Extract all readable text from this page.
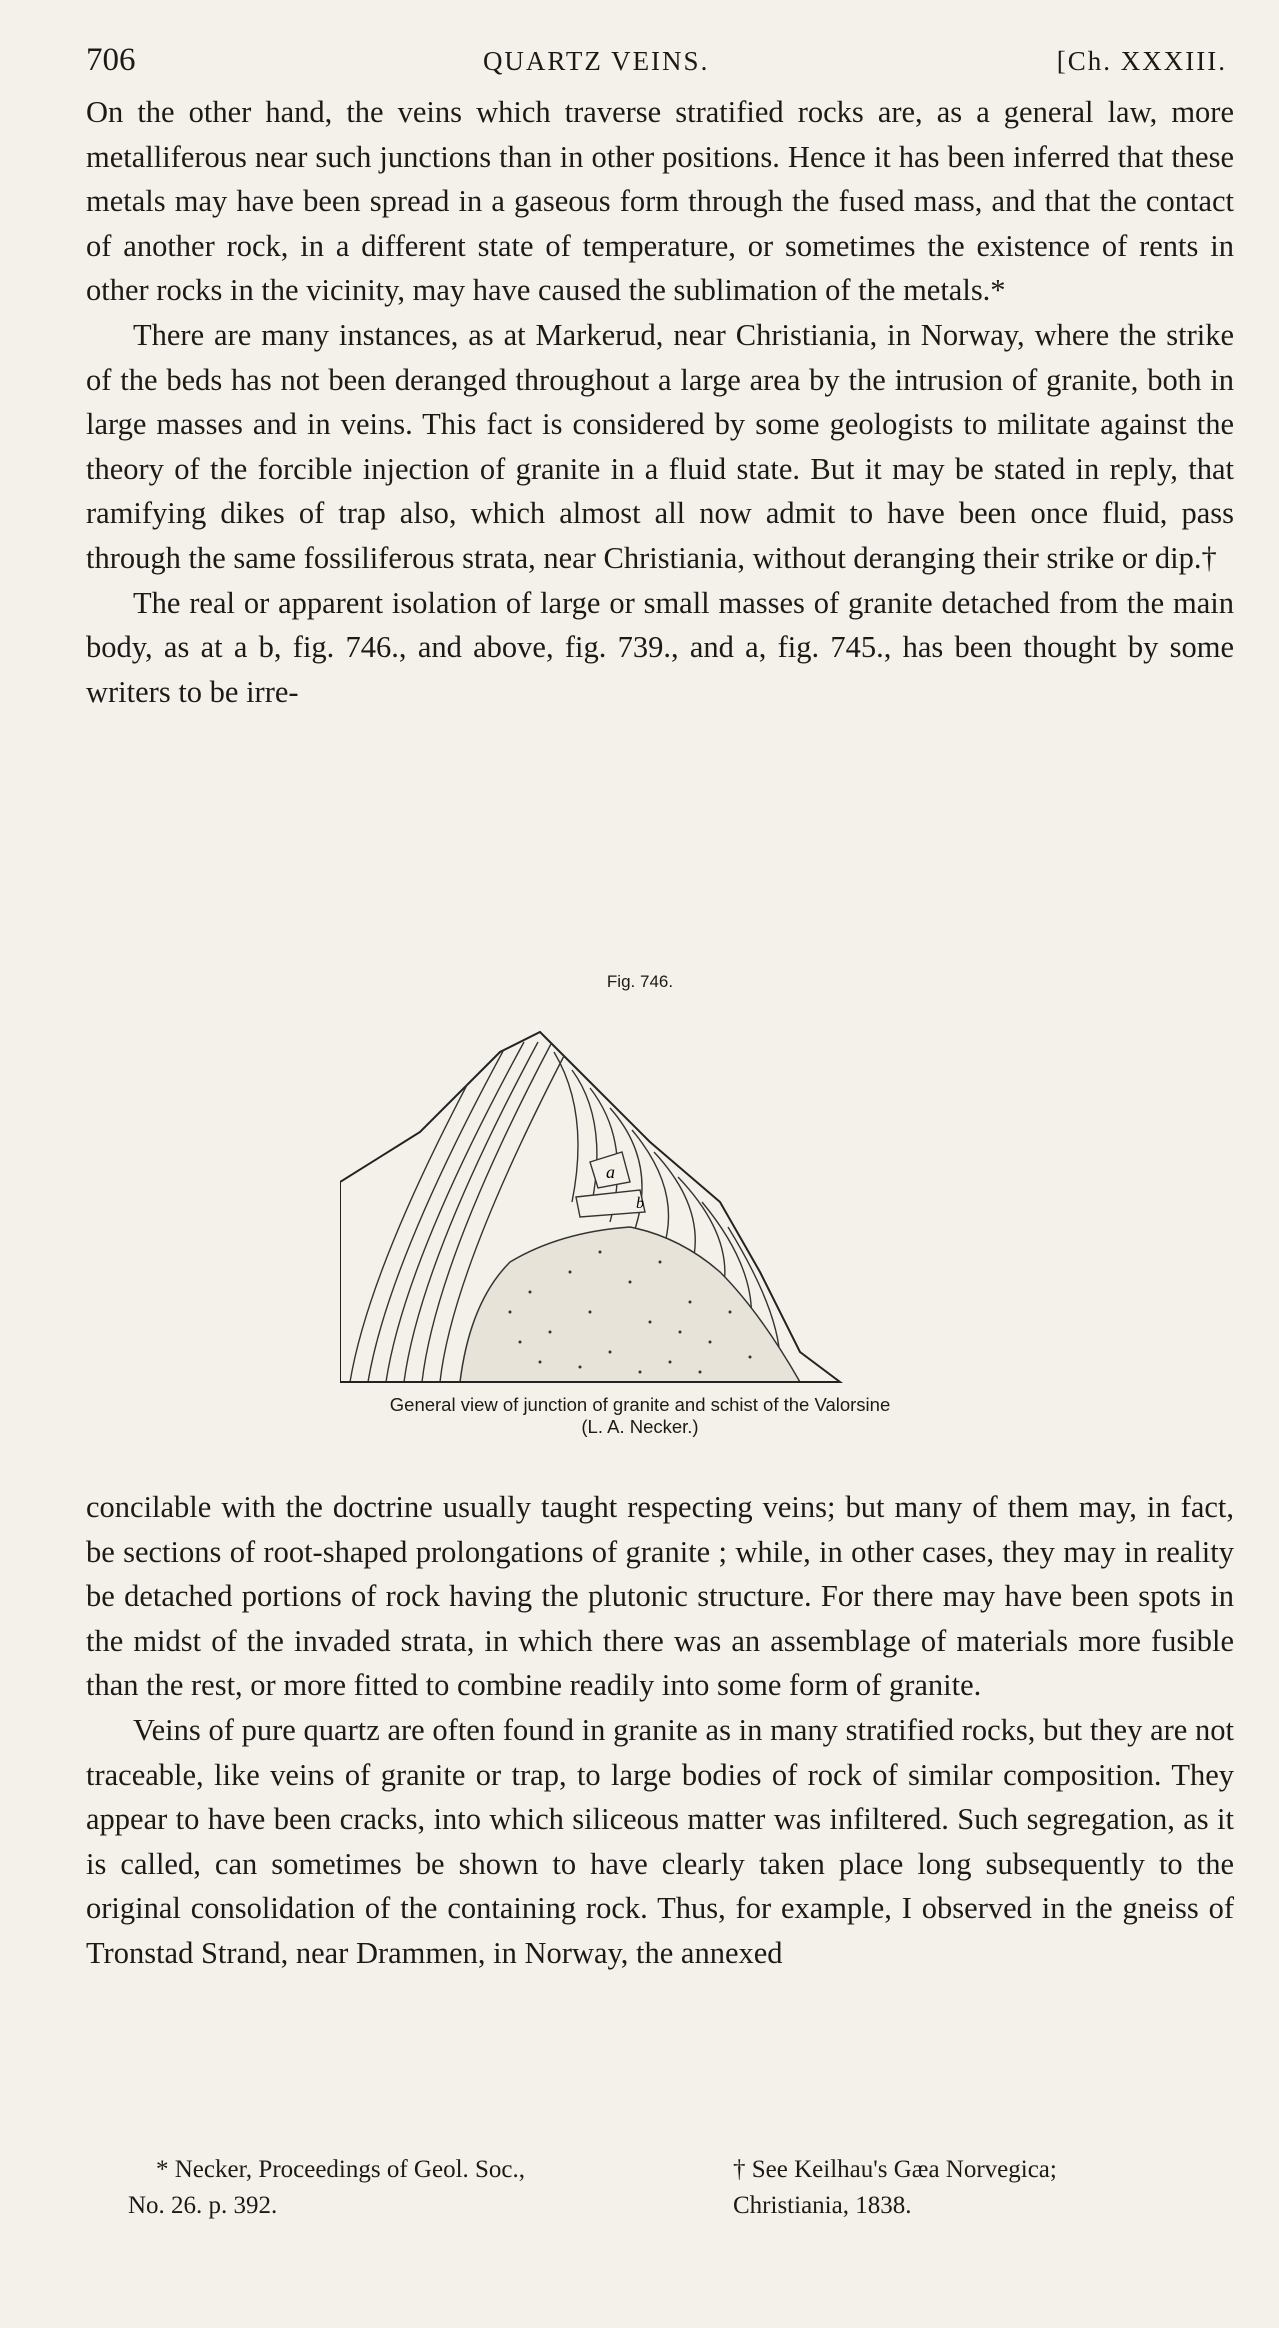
706	QUARTZ VEINS.	[Ch. XXXIII.

On the other hand, the veins which traverse stratified rocks are, as a general law, more metalliferous near such junctions than in other positions. Hence it has been inferred that these metals may have been spread in a gaseous form through the fused mass, and that the contact of another rock, in a different state of temperature, or sometimes the existence of rents in other rocks in the vicinity, may have caused the sublimation of the metals.*

There are many instances, as at Markerud, near Christiania, in Norway, where the strike of the beds has not been deranged throughout a large area by the intrusion of granite, both in large masses and in veins. This fact is considered by some geologists to militate against the theory of the forcible injection of granite in a fluid state. But it may be stated in reply, that ramifying dikes of trap also, which almost all now admit to have been once fluid, pass through the same fossiliferous strata, near Christiania, without deranging their strike or dip.†

The real or apparent isolation of large or small masses of granite detached from the main body, as at a b, fig. 746., and above, fig. 739., and a, fig. 745., has been thought by some writers to be irre-

Fig. 746.
a
b
General view of junction of granite and schist of the Valorsine
(L. A. Necker.)

concilable with the doctrine usually taught respecting veins; but many of them may, in fact, be sections of root-shaped prolongations of granite ; while, in other cases, they may in reality be detached portions of rock having the plutonic structure. For there may have been spots in the midst of the invaded strata, in which there was an assemblage of materials more fusible than the rest, or more fitted to combine readily into some form of granite.

Veins of pure quartz are often found in granite as in many stratified rocks, but they are not traceable, like veins of granite or trap, to large bodies of rock of similar composition. They appear to have been cracks, into which siliceous matter was infiltered. Such segregation, as it is called, can sometimes be shown to have clearly taken place long subsequently to the original consolidation of the containing rock. Thus, for example, I observed in the gneiss of Tronstad Strand, near Drammen, in Norway, the annexed

* Necker, Proceedings of Geol. Soc.,
No. 26. p. 392.
† See Keilhau's Gæa Norvegica;
Christiania, 1838.
